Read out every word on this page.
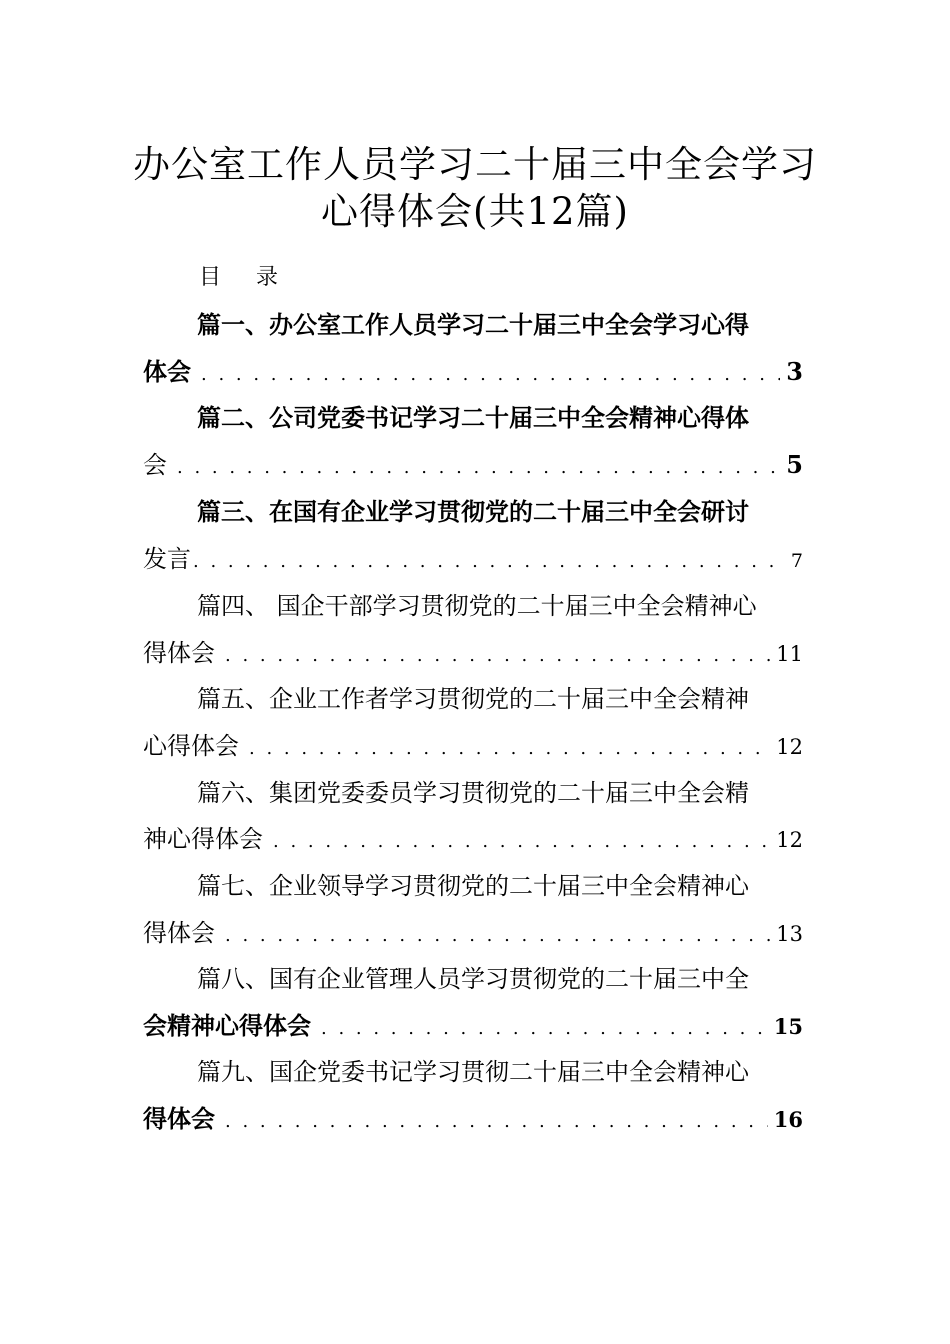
办公室工作人员学习二十届三中全会学习
心得体会(共12篇)
目 录
篇一、办公室工作人员学习二十届三中全会学习心得
体会 . . .	3
篇二、公司党委书记学习二十届三中全会精神心得体
会 . . .	5
篇三、在国有企业学习贯彻党的二十届三中全会研讨
发言 . . .	7
篇四、 国企干部学习贯彻党的二十届三中全会精神心
得体会 . . .	11
篇五、企业工作者学习贯彻党的二十届三中全会精神
心得体会 . . .	12
篇六、集团党委委员学习贯彻党的二十届三中全会精
神心得体会 . . .	12
篇七、企业领导学习贯彻党的二十届三中全会精神心
得体会 . . .	13
篇八、国有企业管理人员学习贯彻党的二十届三中全
会精神心得体会 . . .	15
篇九、国企党委书记学习贯彻二十届三中全会精神心
得体会 . . .	16
